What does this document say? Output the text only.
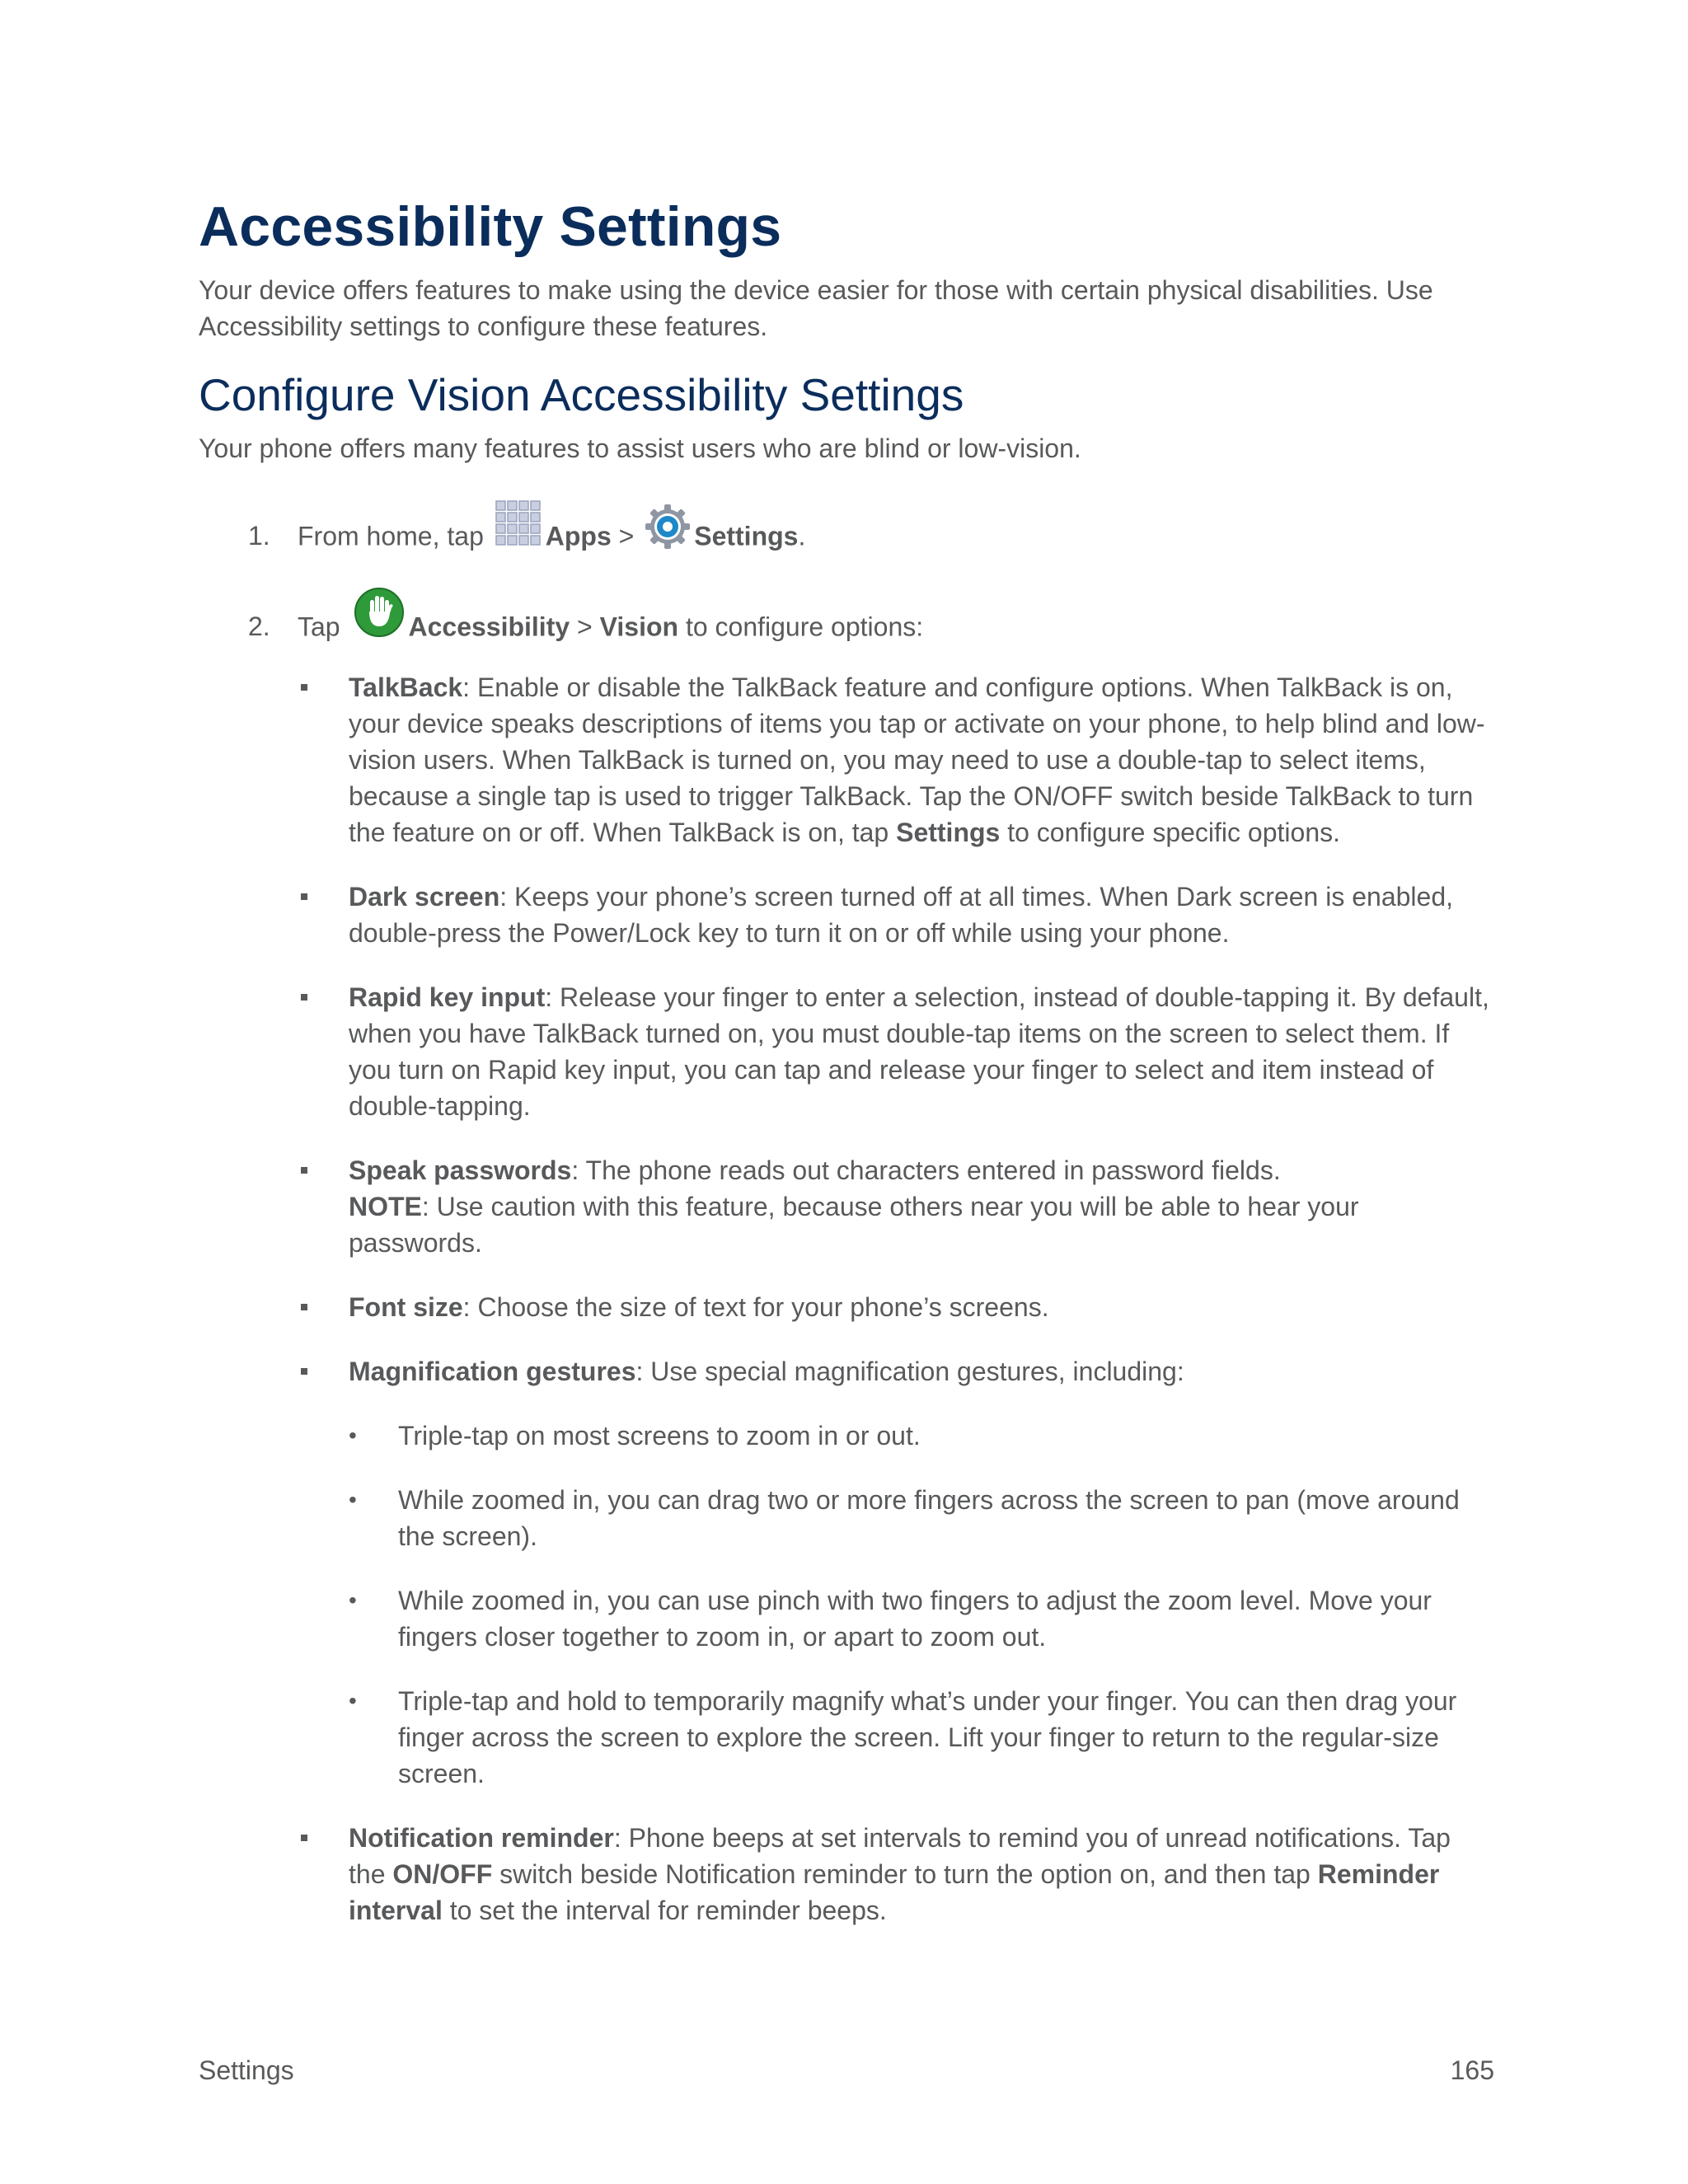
Accessibility Settings

Your device offers features to make using the device easier for those with certain physical disabilities. Use Accessibility settings to configure these features.

Configure Vision Accessibility Settings

Your phone offers many features to assist users who are blind or low-vision.

1. From home, tap Apps > Settings.
2. Tap	Accessibility > Vision to configure options:

TalkBack: Enable or disable the TalkBack feature and configure options. When TalkBack is on, your device speaks descriptions of items you tap or activate on your phone, to help blind and low-vision users. When TalkBack is turned on, you may need to use a double-tap to select items, because a single tap is used to trigger TalkBack. Tap the ON/OFF switch beside TalkBack to turn the feature on or off. When TalkBack is on, tap Settings to configure specific options.

Dark screen: Keeps your phone’s screen turned off at all times. When Dark screen is enabled, double-press the Power/Lock key to turn it on or off while using your phone.

Rapid key input: Release your finger to enter a selection, instead of double-tapping it. By default, when you have TalkBack turned on, you must double-tap items on the screen to select them. If you turn on Rapid key input, you can tap and release your finger to select and item instead of double-tapping.

Speak passwords: The phone reads out characters entered in password fields.
NOTE: Use caution with this feature, because others near you will be able to hear your passwords.

Font size: Choose the size of text for your phone’s screens.

Magnification gestures: Use special magnification gestures, including:

• Triple-tap on most screens to zoom in or out.

• While zoomed in, you can drag two or more fingers across the screen to pan (move around the screen).

• While zoomed in, you can use pinch with two fingers to adjust the zoom level. Move your fingers closer together to zoom in, or apart to zoom out.

• Triple-tap and hold to temporarily magnify what’s under your finger. You can then drag your finger across the screen to explore the screen. Lift your finger to return to the regular-size screen.

Notification reminder: Phone beeps at set intervals to remind you of unread notifications. Tap the ON/OFF switch beside Notification reminder to turn the option on, and then tap Reminder interval to set the interval for reminder beeps.

Settings	165
